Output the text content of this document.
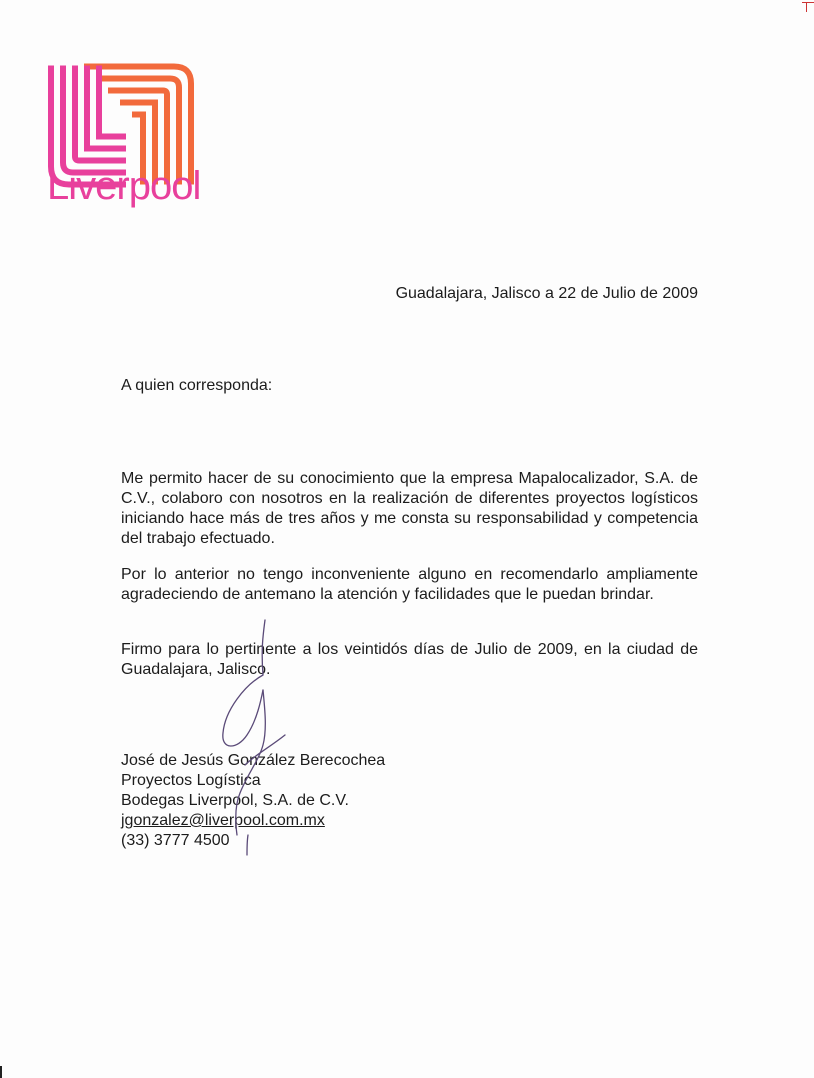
Liverpool
Guadalajara, Jalisco a 22 de Julio de 2009
A quien corresponda:
Me permito hacer de su conocimiento que la empresa Mapalocalizador, S.A. de C.V., colaboro con nosotros en la realización de diferentes proyectos logísticos iniciando hace más de tres años y me consta su responsabilidad y competencia del trabajo efectuado.
Por lo anterior no tengo inconveniente alguno en recomendarlo ampliamente agradeciendo de antemano la atención y facilidades que le puedan brindar.
Firmo para lo pertinente a los veintidós días de Julio de 2009, en la ciudad de Guadalajara, Jalisco.
José de Jesús González Berecochea
Proyectos Logística
Bodegas Liverpool, S.A. de C.V.
jgonzalez@liverpool.com.mx
(33) 3777 4500
